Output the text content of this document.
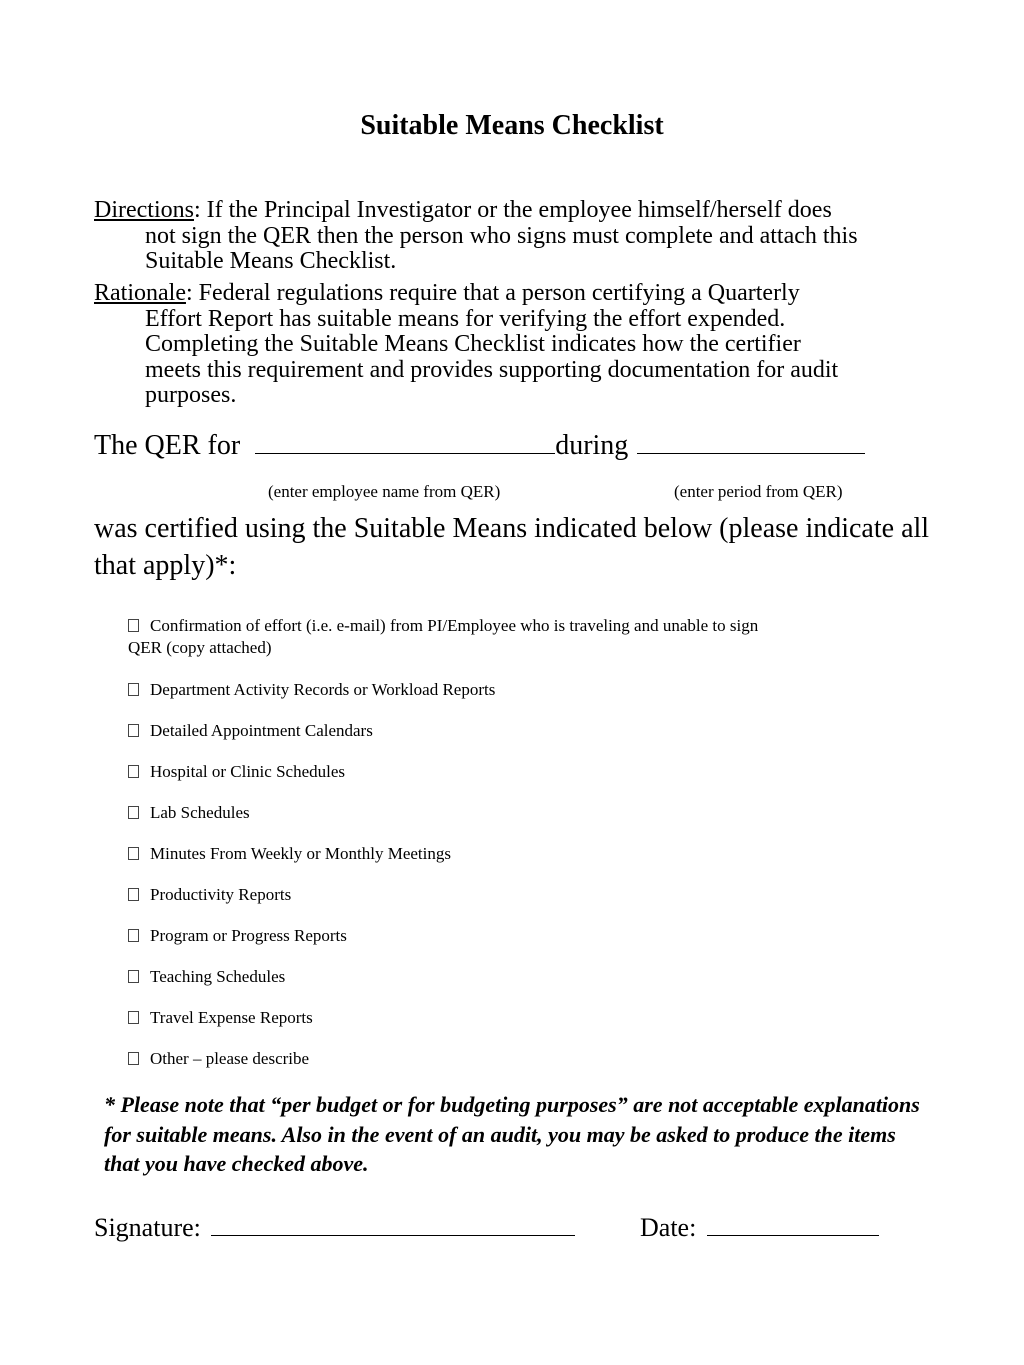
Suitable Means Checklist
Directions: If the Principal Investigator or the employee himself/herself does
not sign the QER then the person who signs must complete and attach this
Suitable Means Checklist.
Rationale: Federal regulations require that a person certifying a Quarterly
Effort Report has suitable means for verifying the effort expended.
Completing the Suitable Means Checklist indicates how the certifier
meets this requirement and provides supporting documentation for audit
purposes.
The QER for	during
(enter employee name from QER)	(enter period from QER)
was certified using the Suitable Means indicated below (please indicate all that apply)*:
Confirmation of effort (i.e. e-mail) from PI/Employee who is traveling and unable to sign
QER (copy attached)
Department Activity Records or Workload Reports
Detailed Appointment Calendars
Hospital or Clinic Schedules
Lab Schedules
Minutes From Weekly or Monthly Meetings
Productivity Reports
Program or Progress Reports
Teaching Schedules
Travel Expense Reports
Other – please describe
* Please note that “per budget or for budgeting purposes” are not acceptable explanations for suitable means. Also in the event of an audit, you may be asked to produce the items that you have checked above.
Signature:	Date:
